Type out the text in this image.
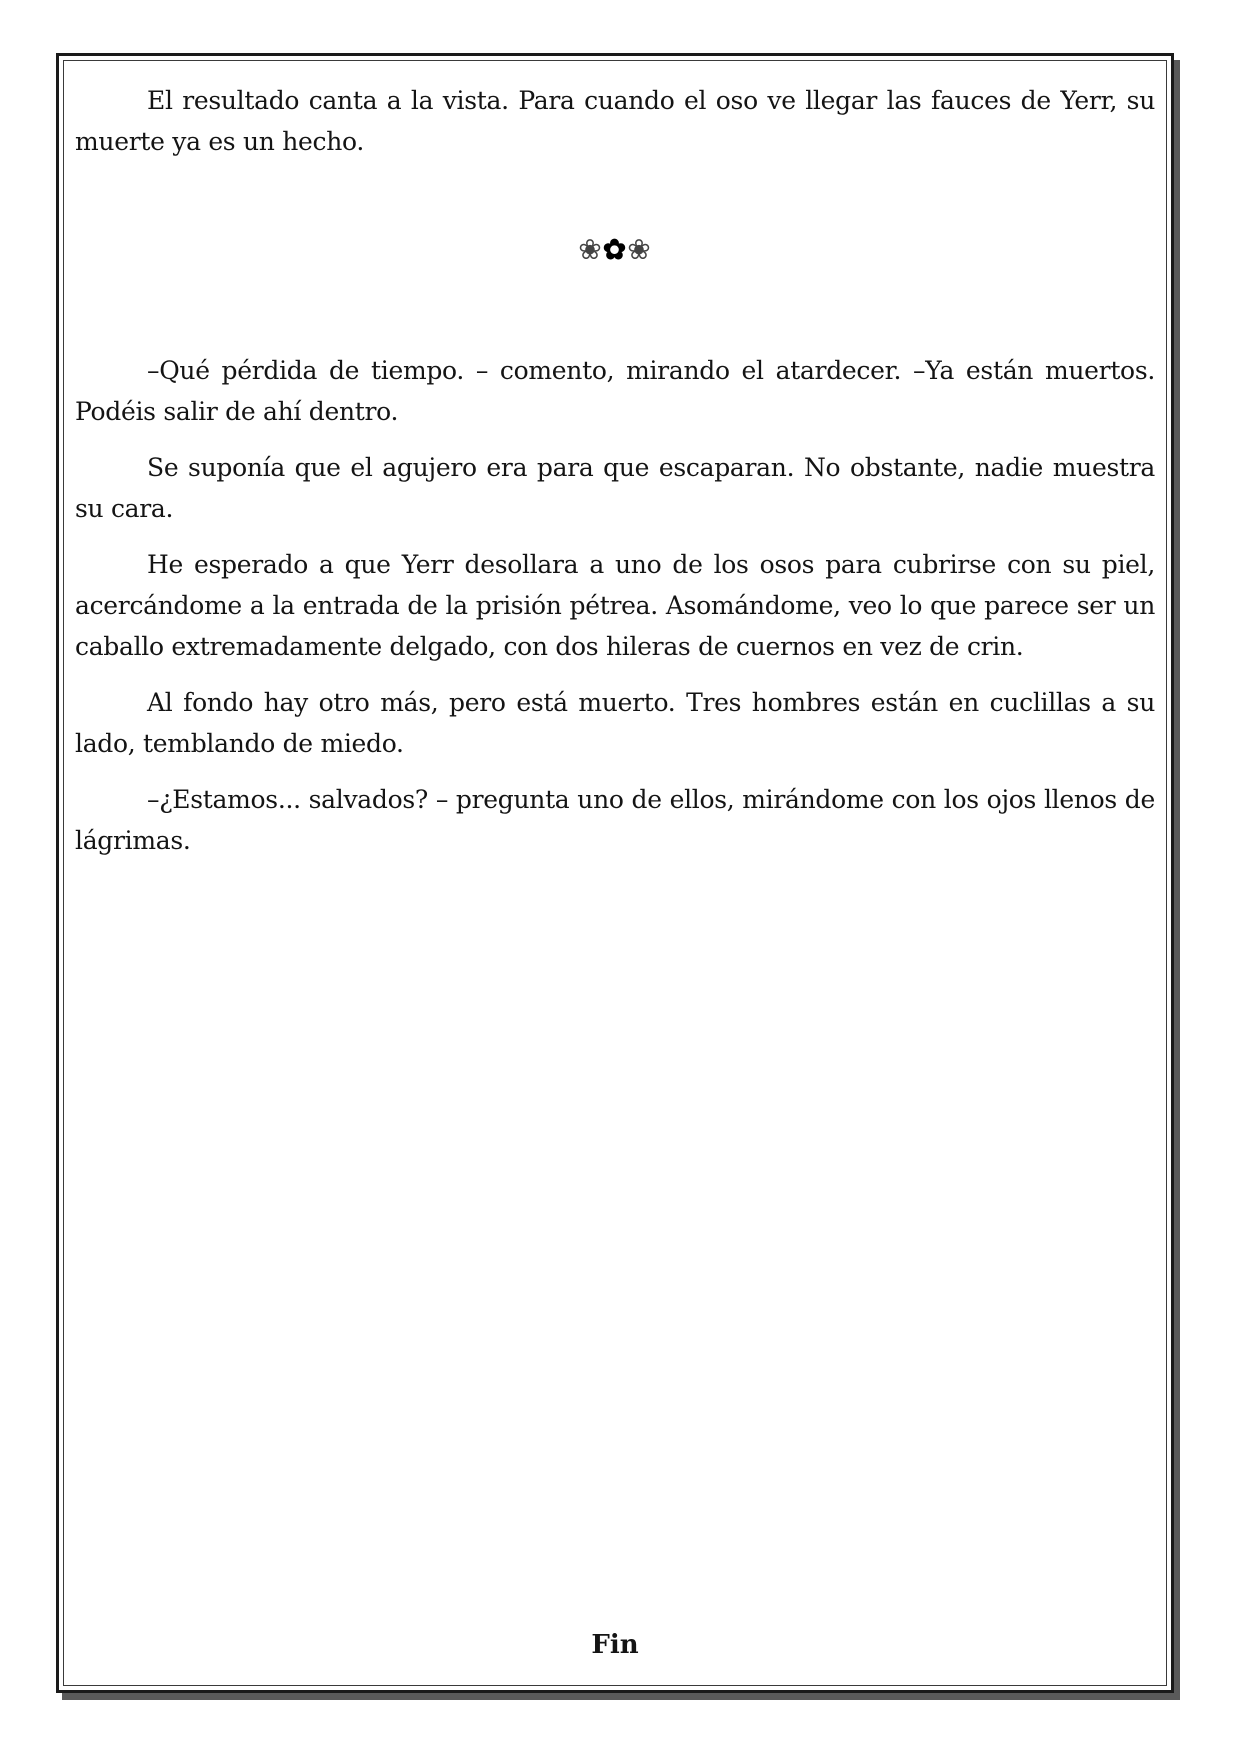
El resultado canta a la vista. Para cuando el oso ve llegar las fauces de Yerr, su muerte ya es un hecho.

❀✿❀

–Qué pérdida de tiempo. – comento, mirando el atardecer. –Ya están muertos. Podéis salir de ahí dentro.

Se suponía que el agujero era para que escaparan. No obstante, nadie muestra su cara.

He esperado a que Yerr desollara a uno de los osos para cubrirse con su piel, acercándome a la entrada de la prisión pétrea. Asomándome, veo lo que parece ser un caballo extremadamente delgado, con dos hileras de cuernos en vez de crin.

Al fondo hay otro más, pero está muerto. Tres hombres están en cuclillas a su lado, temblando de miedo.

–¿Estamos... salvados? – pregunta uno de ellos, mirándome con los ojos llenos de lágrimas.

Fin
